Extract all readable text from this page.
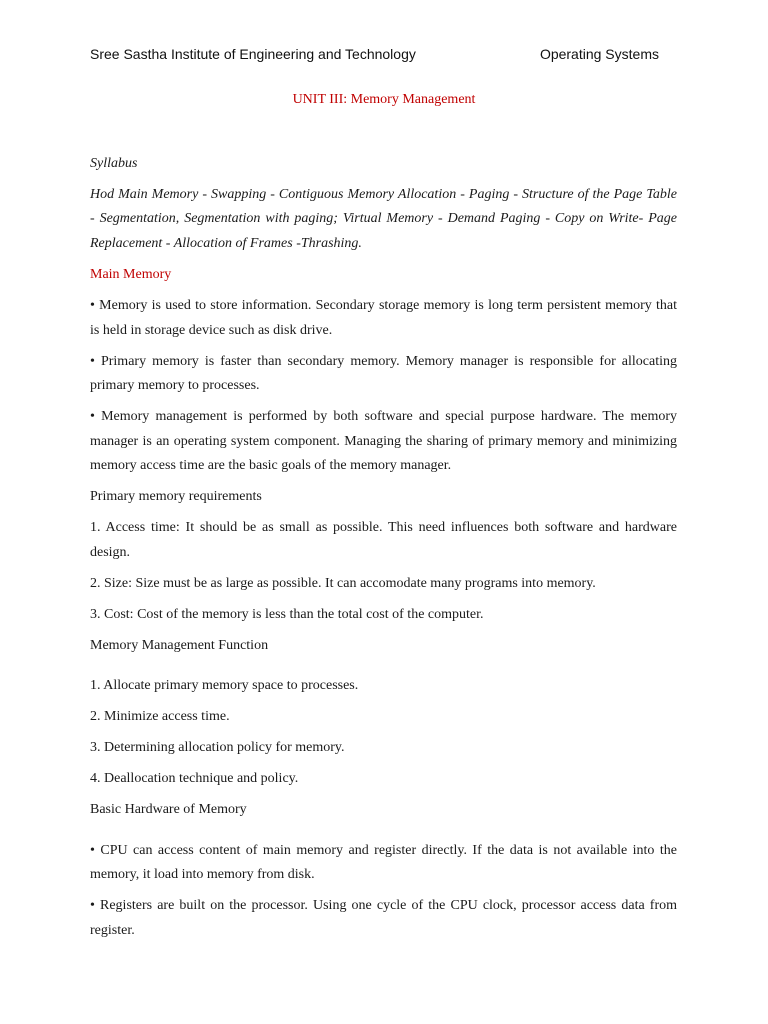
Sree Sastha Institute of Engineering and Technology	Operating Systems
UNIT III: Memory Management

Syllabus

Hod Main Memory - Swapping - Contiguous Memory Allocation - Paging - Structure of the Page Table - Segmentation, Segmentation with paging; Virtual Memory - Demand Paging - Copy on Write- Page Replacement - Allocation of Frames -Thrashing.

Main Memory

• Memory is used to store information. Secondary storage memory is long term persistent memory that is held in storage device such as disk drive.

• Primary memory is faster than secondary memory. Memory manager is responsible for allocating primary memory to processes.

• Memory management is performed by both software and special purpose hardware. The memory manager is an operating system component. Managing the sharing of primary memory and minimizing memory access time are the basic goals of the memory manager.

Primary memory requirements

1. Access time: It should be as small as possible. This need influences both software and hardware design.

2. Size: Size must be as large as possible. It can accomodate many programs into memory.

3. Cost: Cost of the memory is less than the total cost of the computer.

Memory Management Function

1. Allocate primary memory space to processes.

2. Minimize access time.

3. Determining allocation policy for memory.

4. Deallocation technique and policy.

Basic Hardware of Memory

• CPU can access content of main memory and register directly. If the data is not available into the memory, it load into memory from disk.

• Registers are built on the processor. Using one cycle of the CPU clock, processor access data from register.
